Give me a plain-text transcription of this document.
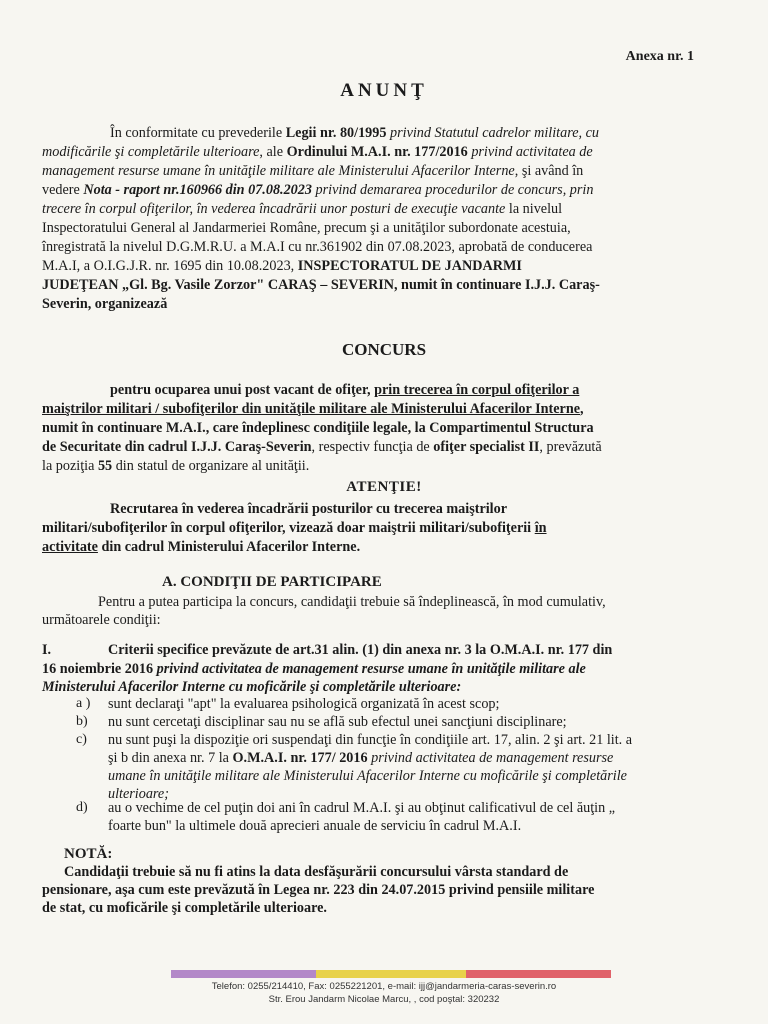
Anexa nr. 1
ANUNŢ
În conformitate cu prevederile Legii nr. 80/1995 privind Statutul cadrelor militare, cu
modificările şi completările ulterioare, ale Ordinului M.A.I. nr. 177/2016 privind activitatea de
management resurse umane în unităţile militare ale Ministerului Afacerilor Interne, şi având în
vedere Nota - raport nr.160966 din 07.08.2023 privind demararea procedurilor de concurs, prin
trecere în corpul ofiţerilor, în vederea încadrării unor posturi de execuţie vacante la nivelul
Inspectoratului General al Jandarmeriei Române, precum şi a unităţilor subordonate acestuia,
înregistrată la nivelul D.G.M.R.U. a M.A.I cu nr.361902 din 07.08.2023, aprobată de conducerea
M.A.I, a O.I.G.J.R. nr. 1695 din 10.08.2023, INSPECTORATUL DE JANDARMI
JUDEŢEAN „Gl. Bg. Vasile Zorzor" CARAŞ – SEVERIN, numit în continuare I.J.J. Caraş-
Severin, organizează
CONCURS
pentru ocuparea unui post vacant de ofiţer, prin trecerea în corpul ofiţerilor a
maiştrilor militari / subofiţerilor din unităţile militare ale Ministerului Afacerilor Interne,
numit în continuare M.A.I., care îndeplinesc condiţiile legale, la Compartimentul Structura
de Securitate din cadrul I.J.J. Caraş-Severin, respectiv funcţia de ofiţer specialist II, prevăzută
la poziţia 55 din statul de organizare al unităţii.
ATENŢIE!
Recrutarea în vederea încadrării posturilor cu trecerea maiştrilor
militari/subofiţerilor în corpul ofiţerilor, vizează doar maiştrii militari/subofiţerii în
activitate din cadrul Ministerului Afacerilor Interne.
A. CONDIŢII DE PARTICIPARE
Pentru a putea participa la concurs, candidaţii trebuie să îndeplinească, în mod cumulativ,
următoarele condiţii:
I.	Criterii specifice prevăzute de art.31 alin. (1) din anexa nr. 3 la O.M.A.I. nr. 177 din
16 noiembrie 2016 privind activitatea de management resurse umane în unităţile militare ale
Ministerului Afacerilor Interne cu moficările şi completările ulterioare:
a ) sunt declaraţi "apt" la evaluarea psihologică organizată în acest scop;
b) nu sunt cercetaţi disciplinar sau nu se află sub efectul unei sancţiuni disciplinare;
c) nu sunt puşi la dispoziţie ori suspendaţi din funcţie în condiţiile art. 17, alin. 2 şi art. 21 lit. a
şi b din anexa nr. 7 la O.M.A.I. nr. 177/ 2016 privind activitatea de management resurse
umane în unităţile militare ale Ministerului Afacerilor Interne cu moficările şi completările
ulterioare;
d) au o vechime de cel puţin doi ani în cadrul M.A.I. şi au obţinut calificativul de cel ăuţin „
foarte bun" la ultimele două aprecieri anuale de serviciu în cadrul M.A.I.
NOTĂ:
Candidaţii trebuie să nu fi atins la data desfăşurării concursului vârsta standard de
pensionare, aşa cum este prevăzută în Legea nr. 223 din 24.07.2015 privind pensiile militare
de stat, cu moficările şi completările ulterioare.
Telefon: 0255/214410, Fax: 0255221201, e-mail: ijj@jandarmeria-caras-severin.ro
Str. Erou Jandarm Nicolae Marcu, , cod poştal: 320232
